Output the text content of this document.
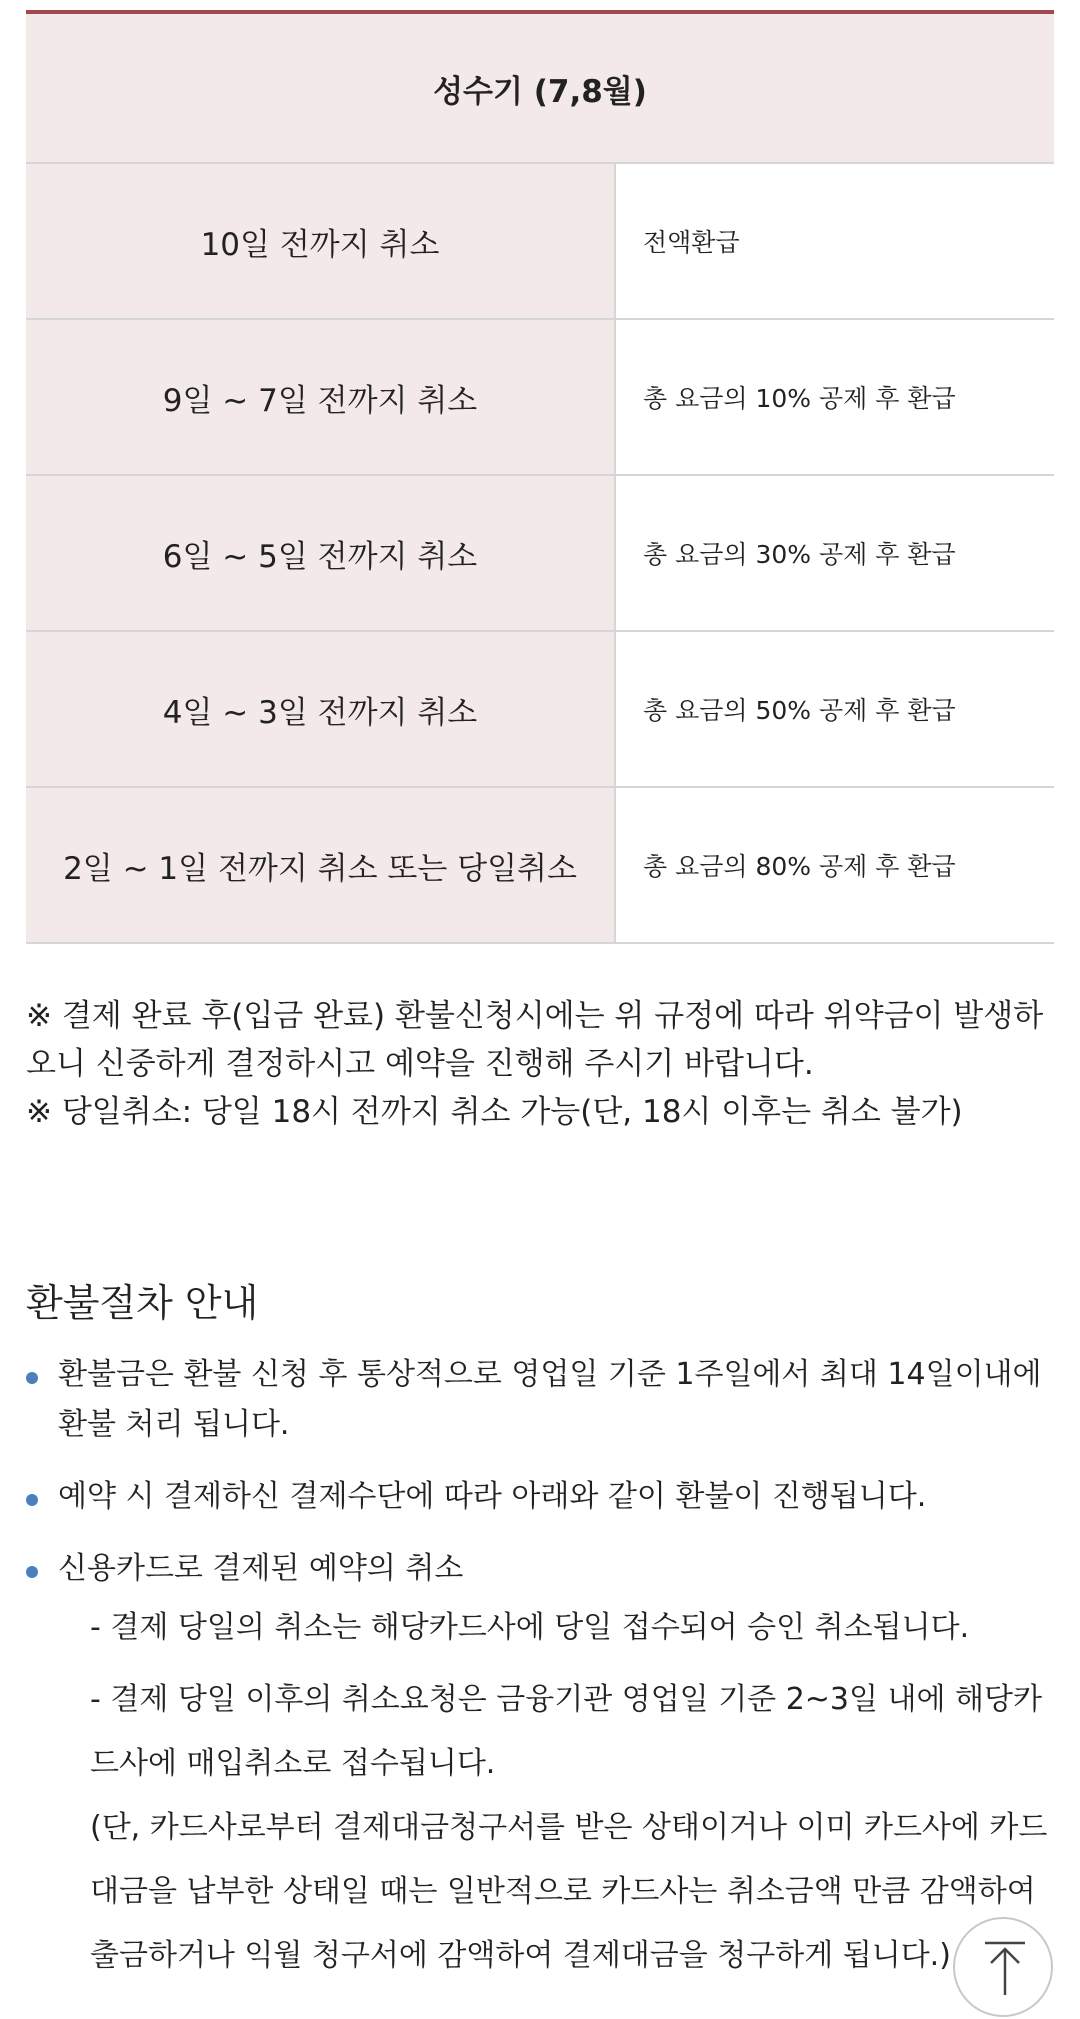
성수기 (7,8월)	
10일 전까지 취소	전액환급
9일 ~ 7일 전까지 취소	총 요금의 10% 공제 후 환급
6일 ~ 5일 전까지 취소	총 요금의 30% 공제 후 환급
4일 ~ 3일 전까지 취소	총 요금의 50% 공제 후 환급
2일 ~ 1일 전까지 취소 또는 당일취소	총 요금의 80% 공제 후 환급

※ 결제 완료 후(입금 완료) 환불신청시에는 위 규정에 따라 위약금이 발생하오니 신중하게 결정하시고 예약을 진행해 주시기 바랍니다.

※ 당일취소: 당일 18시 전까지 취소 가능(단, 18시 이후는 취소 불가)

환불절차 안내
환불금은 환불 신청 후 통상적으로 영업일 기준 1주일에서 최대 14일이내에 환불 처리 됩니다.
예약 시 결제하신 결제수단에 따라 아래와 같이 환불이 진행됩니다.
신용카드로 결제된 예약의 취소

- 결제 당일의 취소는 해당카드사에 당일 접수되어 승인 취소됩니다.

- 결제 당일 이후의 취소요청은 금융기관 영업일 기준 2~3일 내에 해당카드사에 매입취소로 접수됩니다.

(단, 카드사로부터 결제대금청구서를 받은 상태이거나 이미 카드사에 카드대금을 납부한 상태일 때는 일반적으로 카드사는 취소금액 만큼 감액하여 출금하거나 익월 청구서에 감액하여 결제대금을 청구하게 됩니다.)
